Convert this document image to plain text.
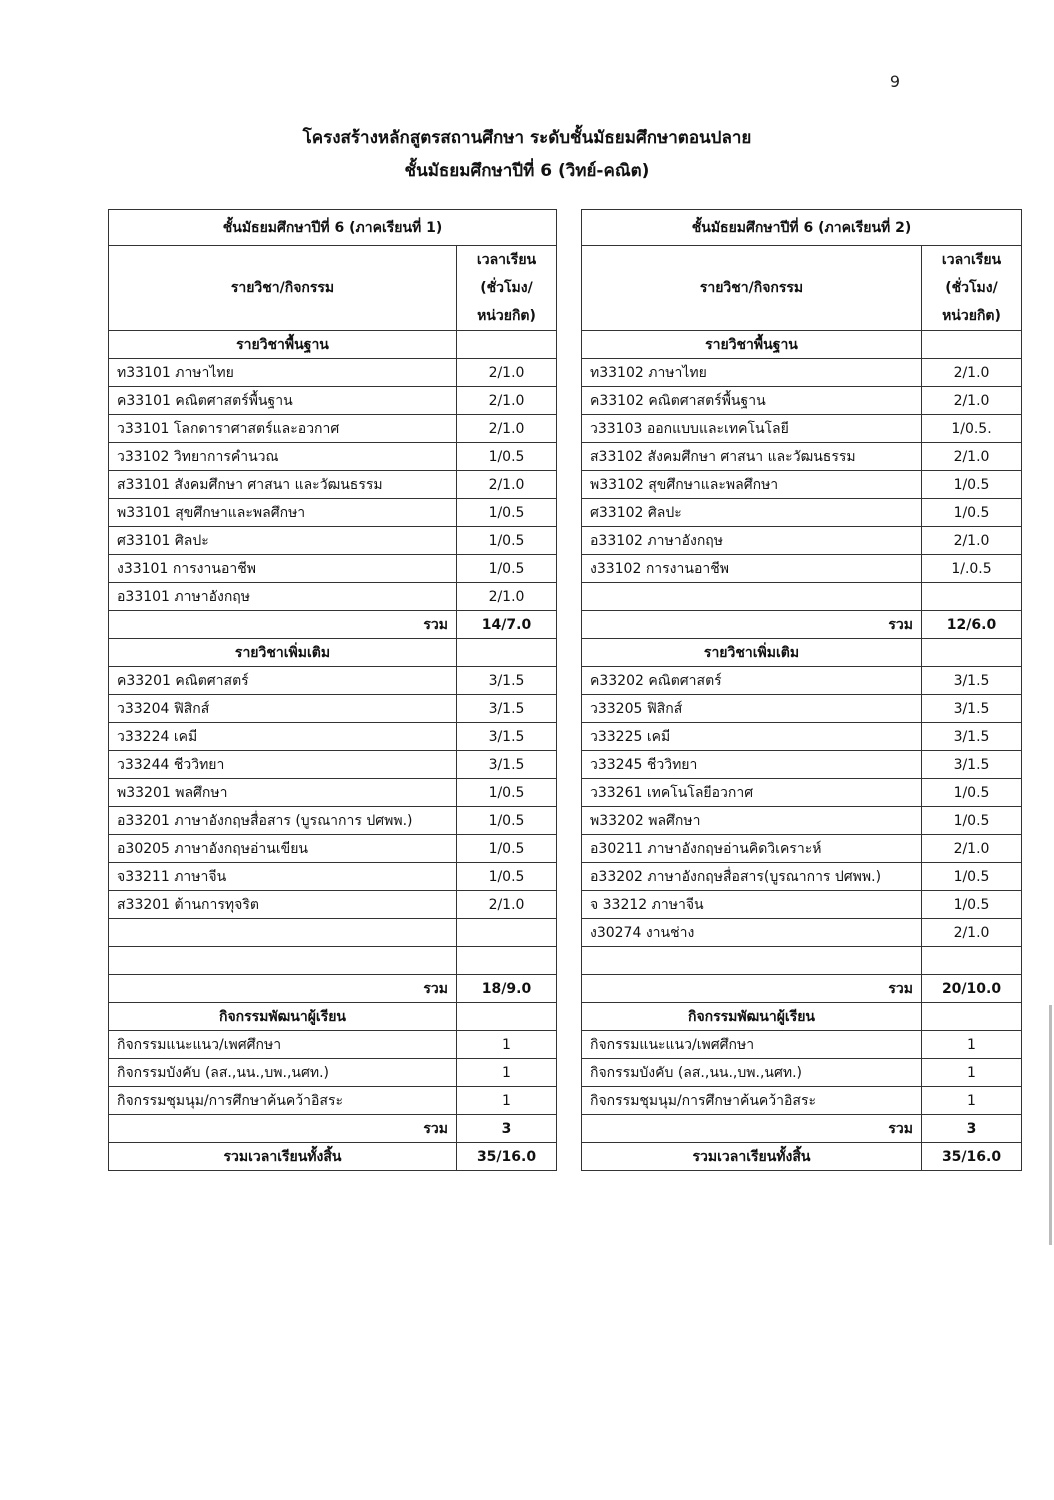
9
โครงสร้างหลักสูตรสถานศึกษา ระดับชั้นมัธยมศึกษาตอนปลาย
ชั้นมัธยมศึกษาปีที่ 6 (วิทย์-คณิต)
ชั้นมัธยมศึกษาปีที่ 6 (ภาคเรียนที่ 1)	
รายวิชา/กิจกรรม	เวลาเรียน
(ชั่วโมง/
หน่วยกิต)

รายวิชาพื้นฐาน	
ท33101 ภาษาไทย	2/1.0
ค33101 คณิตศาสตร์พื้นฐาน	2/1.0
ว33101 โลกดาราศาสตร์และอวกาศ	2/1.0
ว33102 วิทยาการคำนวณ	1/0.5
ส33101 สังคมศึกษา ศาสนา และวัฒนธรรม	2/1.0
พ33101 สุขศึกษาและพลศึกษา	1/0.5
ศ33101 ศิลปะ	1/0.5
ง33101 การงานอาชีพ	1/0.5
อ33101 ภาษาอังกฤษ	2/1.0
รวม	14/7.0
รายวิชาเพิ่มเติม	
ค33201 คณิตศาสตร์	3/1.5
ว33204 ฟิสิกส์	3/1.5
ว33224 เคมี	3/1.5
ว33244 ชีววิทยา	3/1.5
พ33201 พลศึกษา	1/0.5
อ33201 ภาษาอังกฤษสื่อสาร (บูรณาการ ปศพพ.)	1/0.5
อ30205 ภาษาอังกฤษอ่านเขียน	1/0.5
จ33211 ภาษาจีน	1/0.5
ส33201 ต้านการทุจริต	2/1.0

รวม	18/9.0
กิจกรรมพัฒนาผู้เรียน	
กิจกรรมแนะแนว/เพศศึกษา	1
กิจกรรมบังคับ (ลส.,นน.,บพ.,นศท.)	1
กิจกรรมชุมนุม/การศึกษาค้นคว้าอิสระ	1
รวม	3
รวมเวลาเรียนทั้งสิ้น	35/16.0
ชั้นมัธยมศึกษาปีที่ 6 (ภาคเรียนที่ 2)	
รายวิชา/กิจกรรม	เวลาเรียน
(ชั่วโมง/
หน่วยกิต)

รายวิชาพื้นฐาน	
ท33102 ภาษาไทย	2/1.0
ค33102 คณิตศาสตร์พื้นฐาน	2/1.0
ว33103 ออกแบบและเทคโนโลยี	1/0.5.
ส33102 สังคมศึกษา ศาสนา และวัฒนธรรม	2/1.0
พ33102 สุขศึกษาและพลศึกษา	1/0.5
ศ33102 ศิลปะ	1/0.5
อ33102 ภาษาอังกฤษ	2/1.0
ง33102 การงานอาชีพ	1/.0.5

รวม	12/6.0
รายวิชาเพิ่มเติม	
ค33202 คณิตศาสตร์	3/1.5
ว33205 ฟิสิกส์	3/1.5
ว33225 เคมี	3/1.5
ว33245 ชีววิทยา	3/1.5
ว33261 เทคโนโลยีอวกาศ	1/0.5
พ33202 พลศึกษา	1/0.5
อ30211 ภาษาอังกฤษอ่านคิดวิเคราะห์	2/1.0
อ33202 ภาษาอังกฤษสื่อสาร(บูรณาการ ปศพพ.)	1/0.5
จ 33212 ภาษาจีน	1/0.5
ง30274 งานช่าง	2/1.0

รวม	20/10.0
กิจกรรมพัฒนาผู้เรียน	
กิจกรรมแนะแนว/เพศศึกษา	1
กิจกรรมบังคับ (ลส.,นน.,บพ.,นศท.)	1
กิจกรรมชุมนุม/การศึกษาค้นคว้าอิสระ	1
รวม	3
รวมเวลาเรียนทั้งสิ้น	35/16.0
